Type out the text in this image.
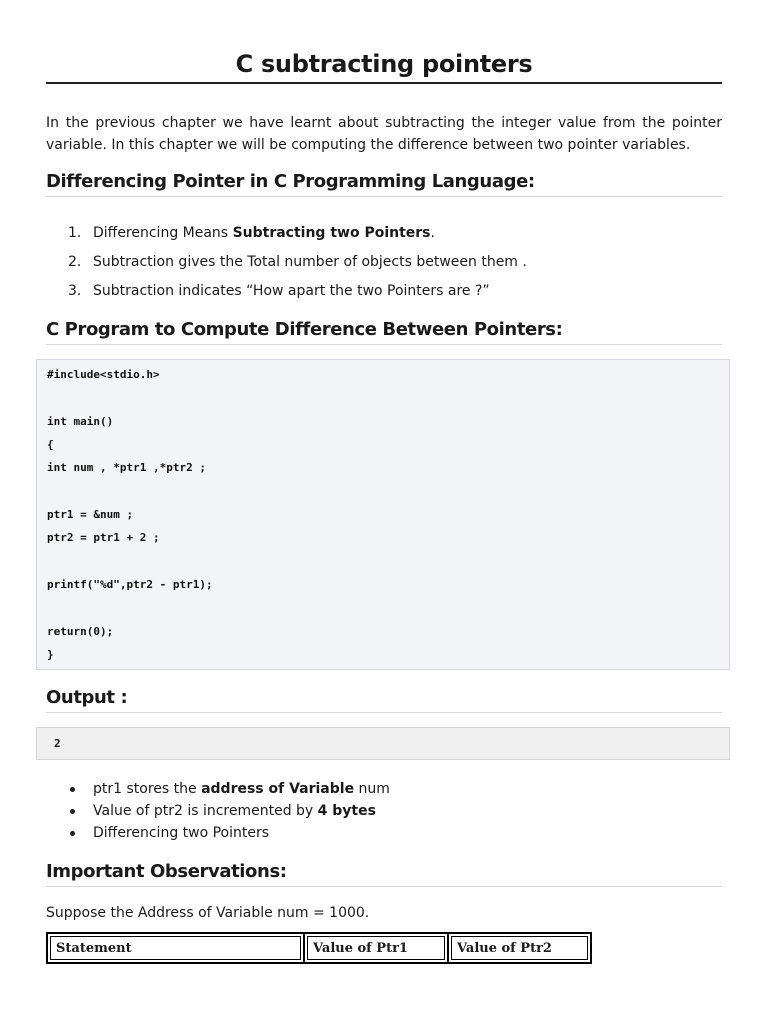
C subtracting pointers

In the previous chapter we have learnt about subtracting the integer value from the pointer variable. In this chapter we will be computing the difference between two pointer variables.

Differencing Pointer in C Programming Language:
1. Differencing Means Subtracting two Pointers.
2. Subtraction gives the Total number of objects between them .
3. Subtraction indicates “How apart the two Pointers are ?”
C Program to Compute Difference Between Pointers:
#include<stdio.h>
int main()
{
int num , *ptr1 ,*ptr2 ;
ptr1 = &num ;
ptr2 = ptr1 + 2 ;
printf("%d",ptr2 - ptr1);
return(0);
}
Output :
2
ptr1 stores the address of Variable num
Value of ptr2 is incremented by 4 bytes
Differencing two Pointers
Important Observations:

Suppose the Address of Variable num = 1000.

Statement	Value of Ptr1	Value of Ptr2
